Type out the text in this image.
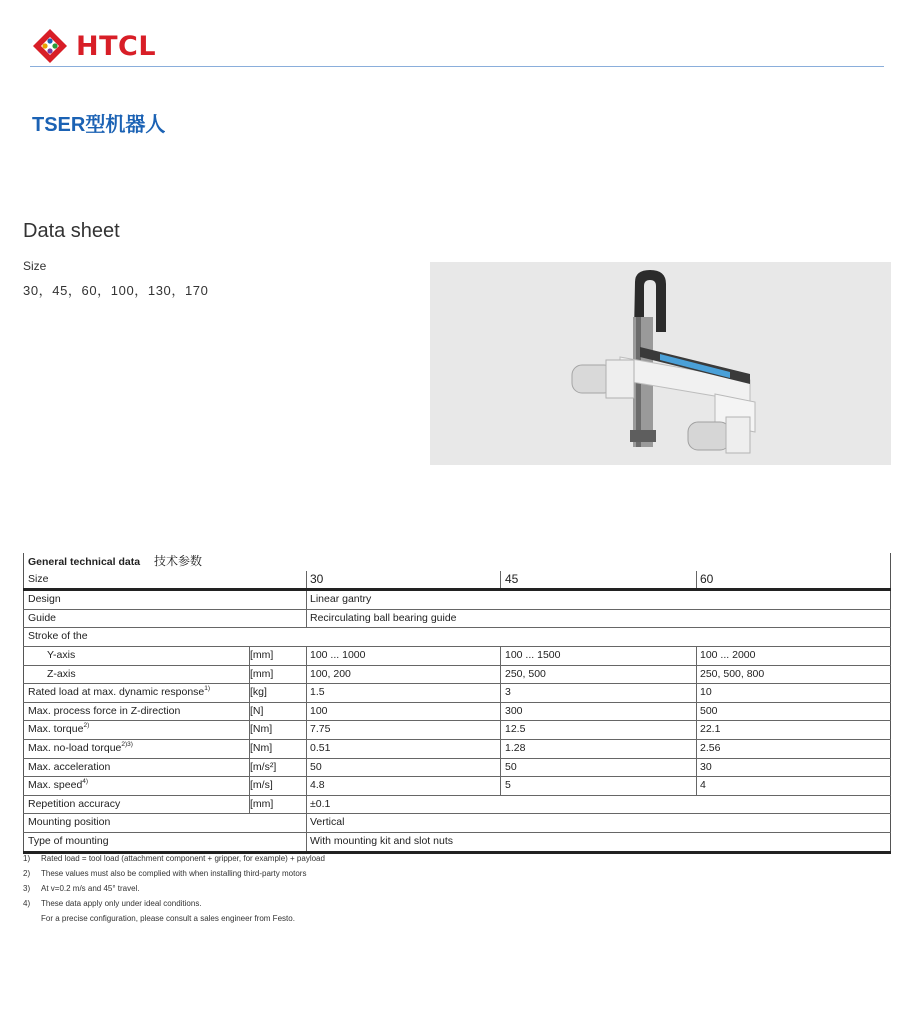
HTCL
TSER型机器人
Data sheet
Size
30，45，60，100，130，170
General technical data 技术参数
Size	30	45	60
Design	Linear gantry
Guide	Recirculating ball bearing guide
Stroke of the
Y-axis	[mm]	100 ... 1000	100 ... 1500	100 ... 2000
Z-axis	[mm]	100, 200	250, 500	250, 500, 800
Rated load at max. dynamic response$^{1)}$	[kg]	1.5	3	10
Max. process force in Z-direction	[N]	100	300	500
Max. torque$^{2)}$	[Nm]	7.75	12.5	22.1
Max. no-load torque$^{2)3)}$	[Nm]	0.51	1.28	2.56
Max. acceleration	[m/s²]	50	50	30
Max. speed$^{4)}$	[m/s]	4.8	5	4
Repetition accuracy	[mm]	±0.1
Mounting position	Vertical
Type of mounting	With mounting kit and slot nuts
1)	Rated load = tool load (attachment component + gripper, for example) + payload
2)	These values must also be complied with when installing third-party motors
3)	At v=0.2 m/s and 45° travel.
4)	These data apply only under ideal conditions.
For a precise configuration, please consult a sales engineer from Festo.
